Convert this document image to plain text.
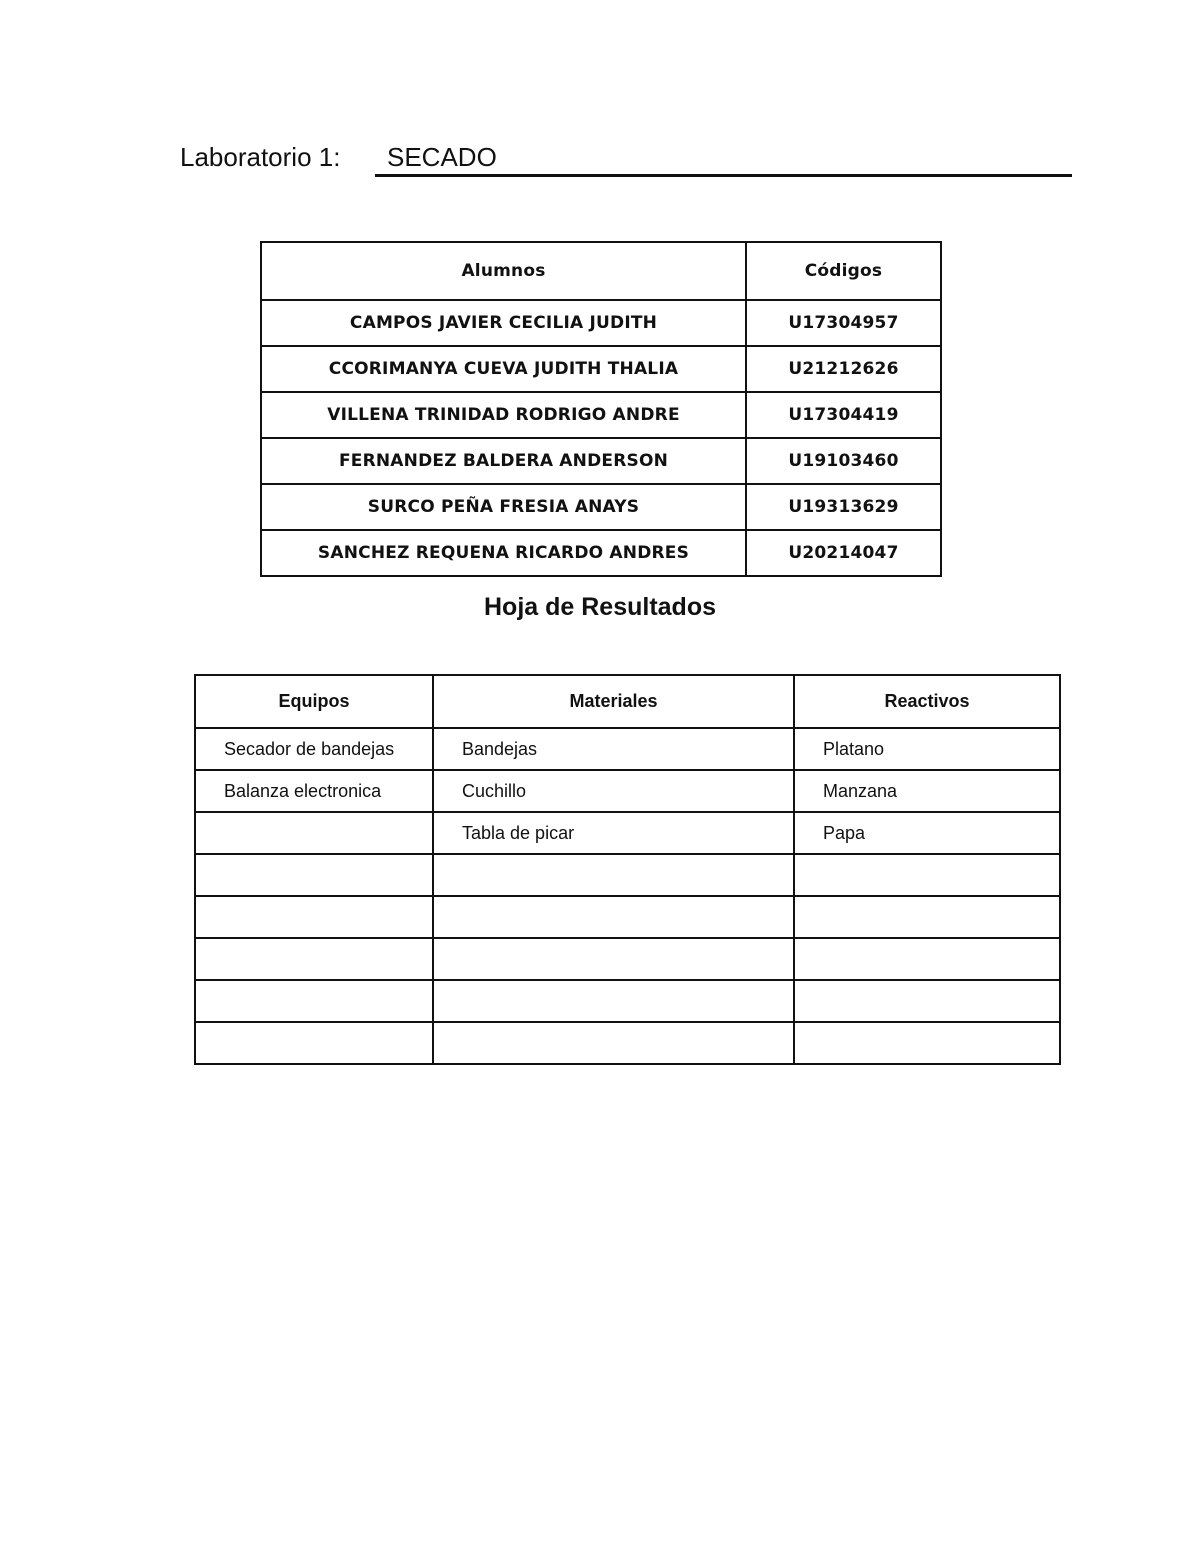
Laboratorio 1: SECADO
Alumnos	Códigos
CAMPOS JAVIER CECILIA JUDITH	U17304957
CCORIMANYA CUEVA JUDITH THALIA	U21212626
VILLENA TRINIDAD RODRIGO ANDRE	U17304419
FERNANDEZ BALDERA ANDERSON	U19103460
SURCO PEÑA FRESIA ANAYS	U19313629
SANCHEZ REQUENA RICARDO ANDRES	U20214047
Hoja de Resultados
Equipos	Materiales	Reactivos
Secador de bandejas	Bandejas	Platano
Balanza electronica	Cuchillo	Manzana
	Tabla de picar	Papa
